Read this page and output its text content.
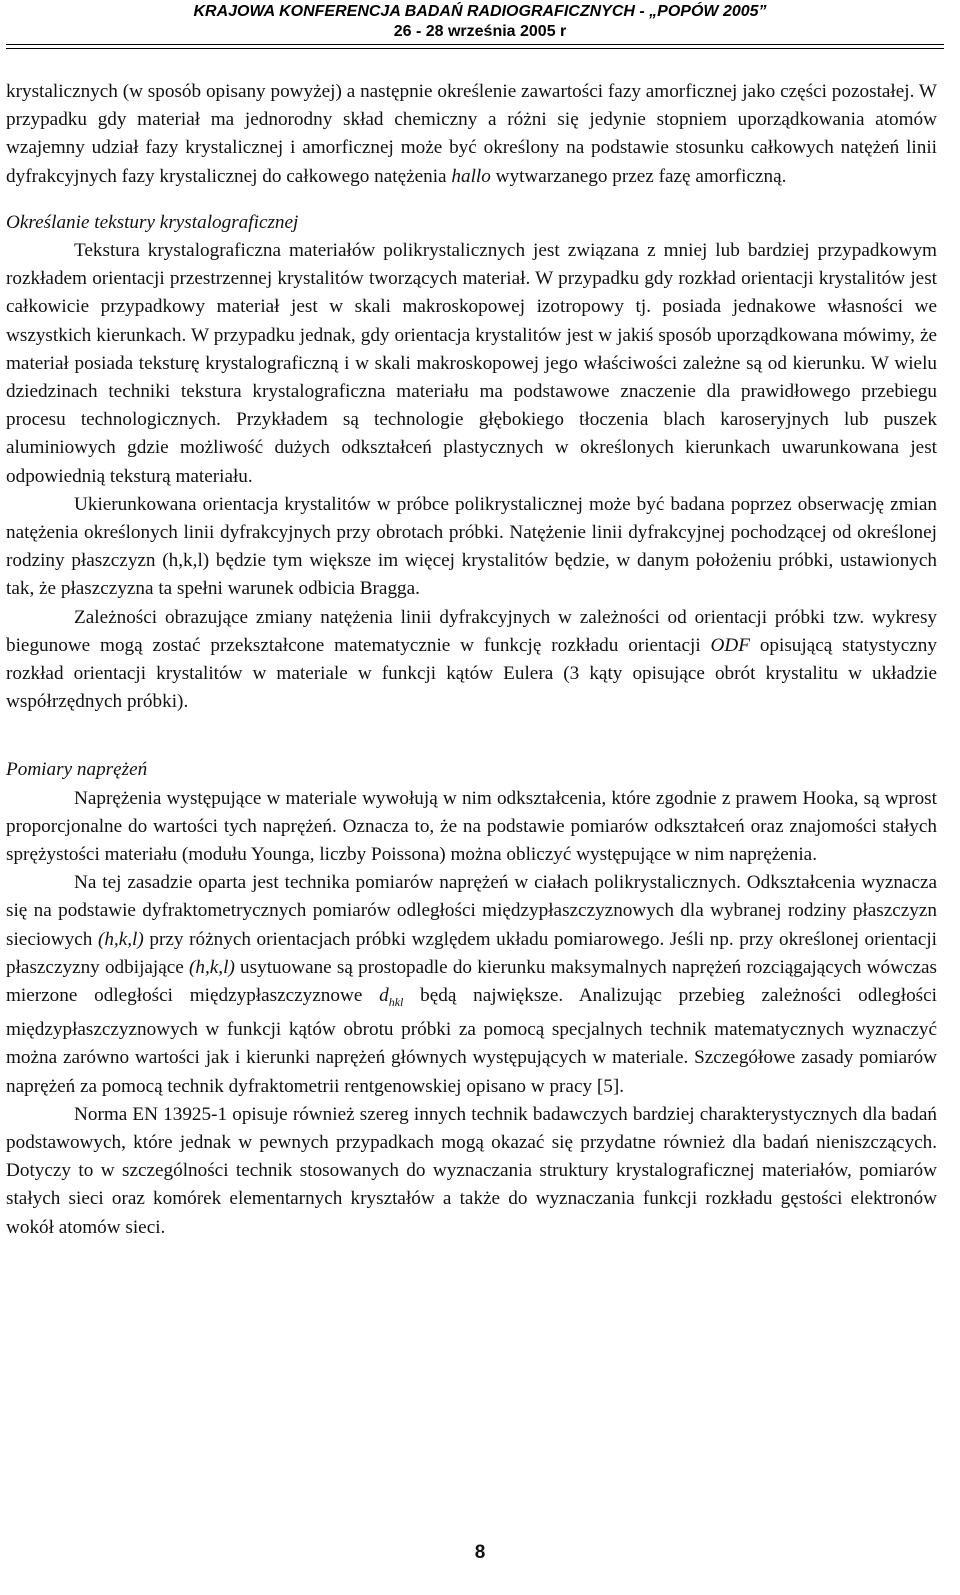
KRAJOWA KONFERENCJA BADAŃ RADIOGRAFICZNYCH - „POPÓW 2005”
26 - 28 września 2005 r

krystalicznych (w sposób opisany powyżej) a następnie określenie zawartości fazy amorficznej jako części pozostałej. W przypadku gdy materiał ma jednorodny skład chemiczny a różni się jedynie stopniem uporządkowania atomów wzajemny udział fazy krystalicznej i amorficznej może być określony na podstawie stosunku całkowych natężeń linii dyfrakcyjnych fazy krystalicznej do całkowego natężenia hallo wytwarzanego przez fazę amorficzną.

Określanie tekstury krystalograficznej

Tekstura krystalograficzna materiałów polikrystalicznych jest związana z mniej lub bardziej przypadkowym rozkładem orientacji przestrzennej krystalitów tworzących materiał. W przypadku gdy rozkład orientacji krystalitów jest całkowicie przypadkowy materiał jest w skali makroskopowej izotropowy tj. posiada jednakowe własności we wszystkich kierunkach. W przypadku jednak, gdy orientacja krystalitów jest w jakiś sposób uporządkowana mówimy, że materiał posiada teksturę krystalograficzną i w skali makroskopowej jego właściwości zależne są od kierunku. W wielu dziedzinach techniki tekstura krystalograficzna materiału ma podstawowe znaczenie dla prawidłowego przebiegu procesu technologicznych. Przykładem są technologie głębokiego tłoczenia blach karoseryjnych lub puszek aluminiowych gdzie możliwość dużych odkształceń plastycznych w określonych kierunkach uwarunkowana jest odpowiednią teksturą materiału.

Ukierunkowana orientacja krystalitów w próbce polikrystalicznej może być badana poprzez obserwację zmian natężenia określonych linii dyfrakcyjnych przy obrotach próbki. Natężenie linii dyfrakcyjnej pochodzącej od określonej rodziny płaszczyzn (h,k,l) będzie tym większe im więcej krystalitów będzie, w danym położeniu próbki, ustawionych tak, że płaszczyzna ta spełni warunek odbicia Bragga.

Zależności obrazujące zmiany natężenia linii dyfrakcyjnych w zależności od orientacji próbki tzw. wykresy biegunowe mogą zostać przekształcone matematycznie w funkcję rozkładu orientacji ODF opisującą statystyczny rozkład orientacji krystalitów w materiale w funkcji kątów Eulera (3 kąty opisujące obrót krystalitu w układzie współrzędnych próbki).

Pomiary naprężeń

Naprężenia występujące w materiale wywołują w nim odkształcenia, które zgodnie z prawem Hooka, są wprost proporcjonalne do wartości tych naprężeń. Oznacza to, że na podstawie pomiarów odkształceń oraz znajomości stałych sprężystości materiału (modułu Younga, liczby Poissona) można obliczyć występujące w nim naprężenia.

Na tej zasadzie oparta jest technika pomiarów naprężeń w ciałach polikrystalicznych. Odkształcenia wyznacza się na podstawie dyfraktometrycznych pomiarów odległości międzypłaszczyznowych dla wybranej rodziny płaszczyzn sieciowych (h,k,l) przy różnych orientacjach próbki względem układu pomiarowego. Jeśli np. przy określonej orientacji płaszczyzny odbijające (h,k,l) usytuowane są prostopadle do kierunku maksymalnych naprężeń rozciągających wówczas mierzone odległości międzypłaszczyznowe $d_{hkl}$ będą największe. Analizując przebieg zależności odległości międzypłaszczyznowych w funkcji kątów obrotu próbki za pomocą specjalnych technik matematycznych wyznaczyć można zarówno wartości jak i kierunki naprężeń głównych występujących w materiale. Szczegółowe zasady pomiarów naprężeń za pomocą technik dyfraktometrii rentgenowskiej opisano w pracy [5].

Norma EN 13925-1 opisuje również szereg innych technik badawczych bardziej charakterystycznych dla badań podstawowych, które jednak w pewnych przypadkach mogą okazać się przydatne również dla badań nieniszczących. Dotyczy to w szczególności technik stosowanych do wyznaczania struktury krystalograficznej materiałów, pomiarów stałych sieci oraz komórek elementarnych kryształów a także do wyznaczania funkcji rozkładu gęstości elektronów wokół atomów sieci.

8
